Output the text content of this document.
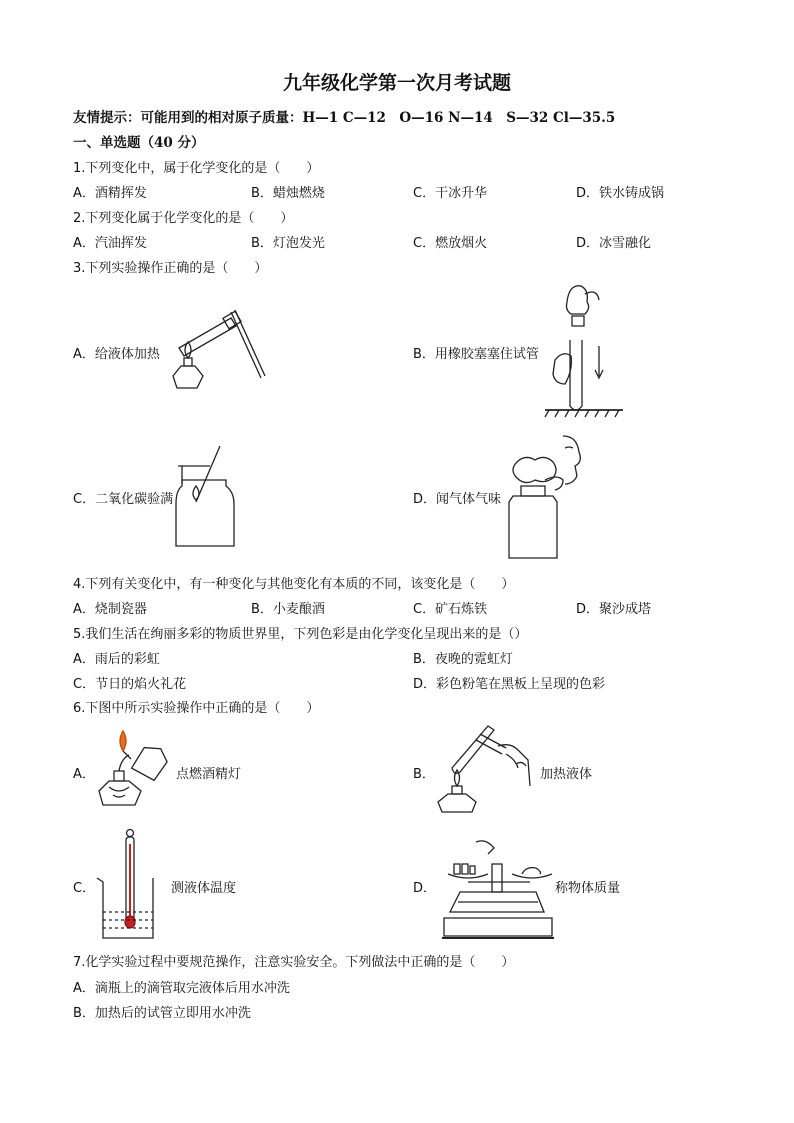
九年级化学第一次月考试题
友情提示：可能用到的相对原子质量：H—1 C—12　O—16 N—14　S—32 Cl—35.5
一、单选题（40 分）
1.下列变化中，属于化学变化的是（　　）
A．酒精挥发	B．蜡烛燃烧	C．干冰升华	D．铁水铸成锅
2.下列变化属于化学变化的是（　　）
A．汽油挥发	B．灯泡发光	C．燃放烟火	D．冰雪融化
3.下列实验操作正确的是（　　）
A．给液体加热	B．用橡胶塞塞住试管
C．二氧化碳验满	D．闻气体气味
4.下列有关变化中，有一种变化与其他变化有本质的不同，该变化是（　　）
A．烧制瓷器	B．小麦酿酒	C．矿石炼铁	D．聚沙成塔
5.我们生活在绚丽多彩的物质世界里，下列色彩是由化学变化呈现出来的是（）
A．雨后的彩虹	B．夜晚的霓虹灯
C．节日的焰火礼花	D．彩色粉笔在黑板上呈现的色彩
6.下图中所示实验操作中正确的是（　　）
A．	点燃酒精灯	B．	加热液体
C．	测液体温度	D．	称物体质量
7.化学实验过程中要规范操作，注意实验安全。下列做法中正确的是（　　）
A．滴瓶上的滴管取完液体后用水冲洗
B．加热后的试管立即用水冲洗
